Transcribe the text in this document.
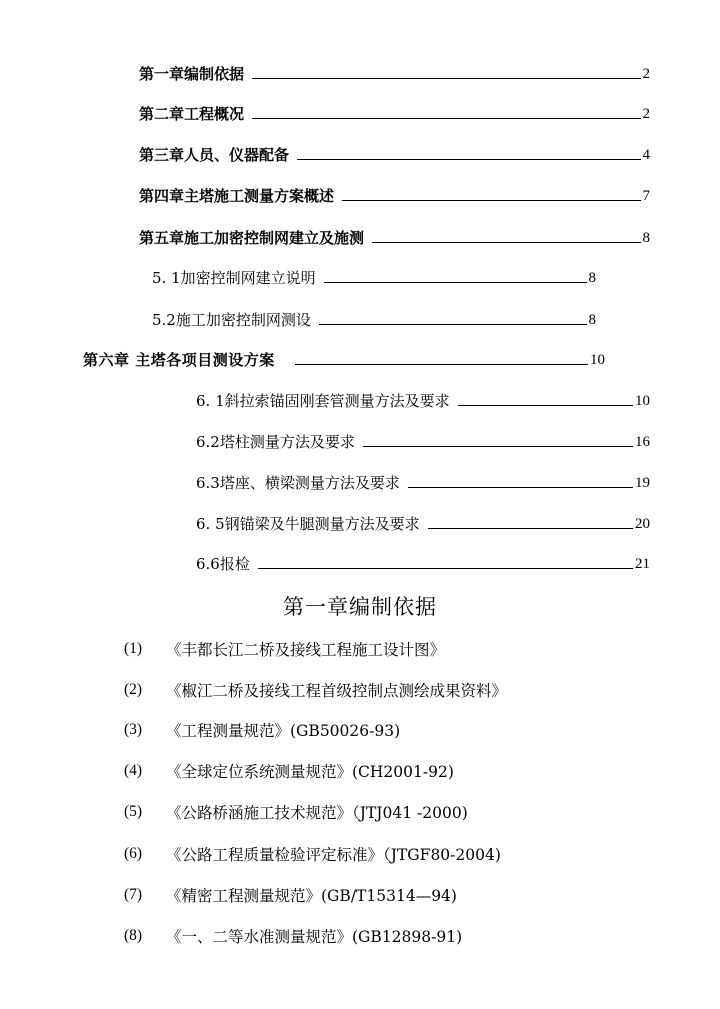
第一章编制依据	2
第二章工程概况	2
第三章人员、仪器配备	4
第四章主塔施工测量方案概述	7
第五章施工加密控制网建立及施测	8
5. 1加密控制网建立说明	8
5.2施工加密控制网测设	8
第六章 主塔各项目测设方案	10
6. 1斜拉索锚固刚套管测量方法及要求	10
6.2塔柱测量方法及要求	16
6.3塔座、横梁测量方法及要求	19
6. 5钢锚梁及牛腿测量方法及要求	20
6.6报检	21
第一章编制依据
(1)	《丰都长江二桥及接线工程施工设计图》
(2)	《椒江二桥及接线工程首级控制点测绘成果资料》
(3)	《工程测量规范》(GB50026-93)
(4)	《全球定位系统测量规范》(CH2001-92)
(5)	《公路桥涵施工技术规范》（JTJ041 -2000)
(6)	《公路工程质量检验评定标准》（JTGF80-2004)
(7)	《精密工程测量规范》(GB/T15314—94)
(8)	《一、二等水准测量规范》(GB12898-91)
